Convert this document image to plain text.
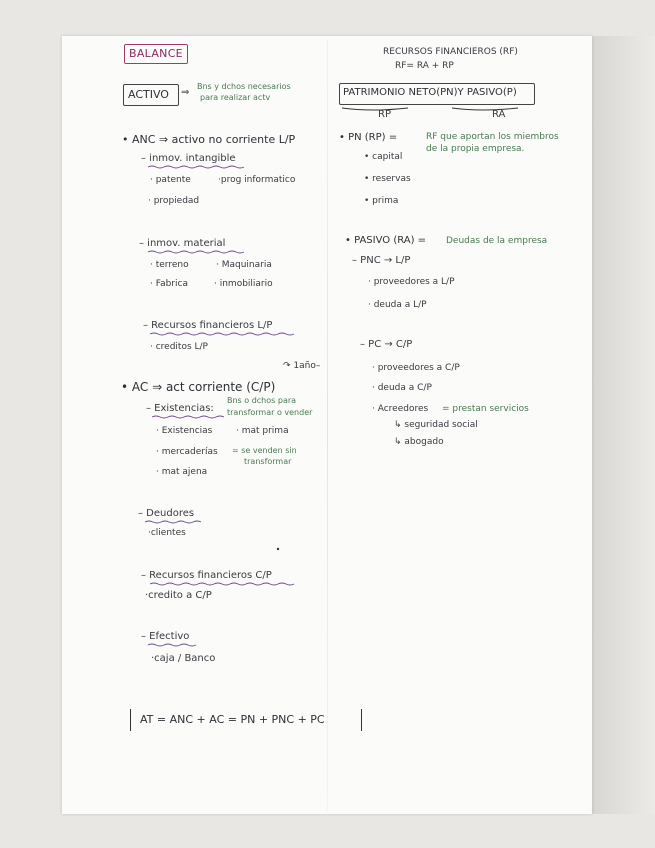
BALANCE	RECURSOS FINANCIEROS (RF)
RF= RA + RP
ACTIVO ⇒
Bns y dchos necesarios
para realizar actv	PATRIMONIO NETO(PN)Y PASIVO(P)
RP	RA
• ANC ⇒ activo no corriente L/P
– inmov. intangible
· patente	·prog informatico
· propiedad
– inmov. material
· terreno	· Maquinaria
· Fabrica	· inmobiliario
– Recursos financieros L/P
· creditos L/P
↷ 1año–
• AC ⇒ act corriente (C/P)
– Existencias:
Bns o dchos para
transformar o vender
· Existencias	· mat prima
· mercaderías = se venden sin
transformar
· mat ajena
– Deudores
·clientes
– Recursos financieros C/P
·credito a C/P
– Efectivo
·caja / Banco
• PN (RP) =	RF que aportan los miembros
de la propia empresa.
• capital
• reservas
• prima
• PASIVO (RA) = Deudas de la empresa
– PNC → L/P
· proveedores a L/P
· deuda a L/P
– PC → C/P
· proveedores a C/P
· deuda a C/P
· Acreedores = prestan servicios
↳ seguridad social
↳ abogado
AT = ANC + AC = PN + PNC + PC
